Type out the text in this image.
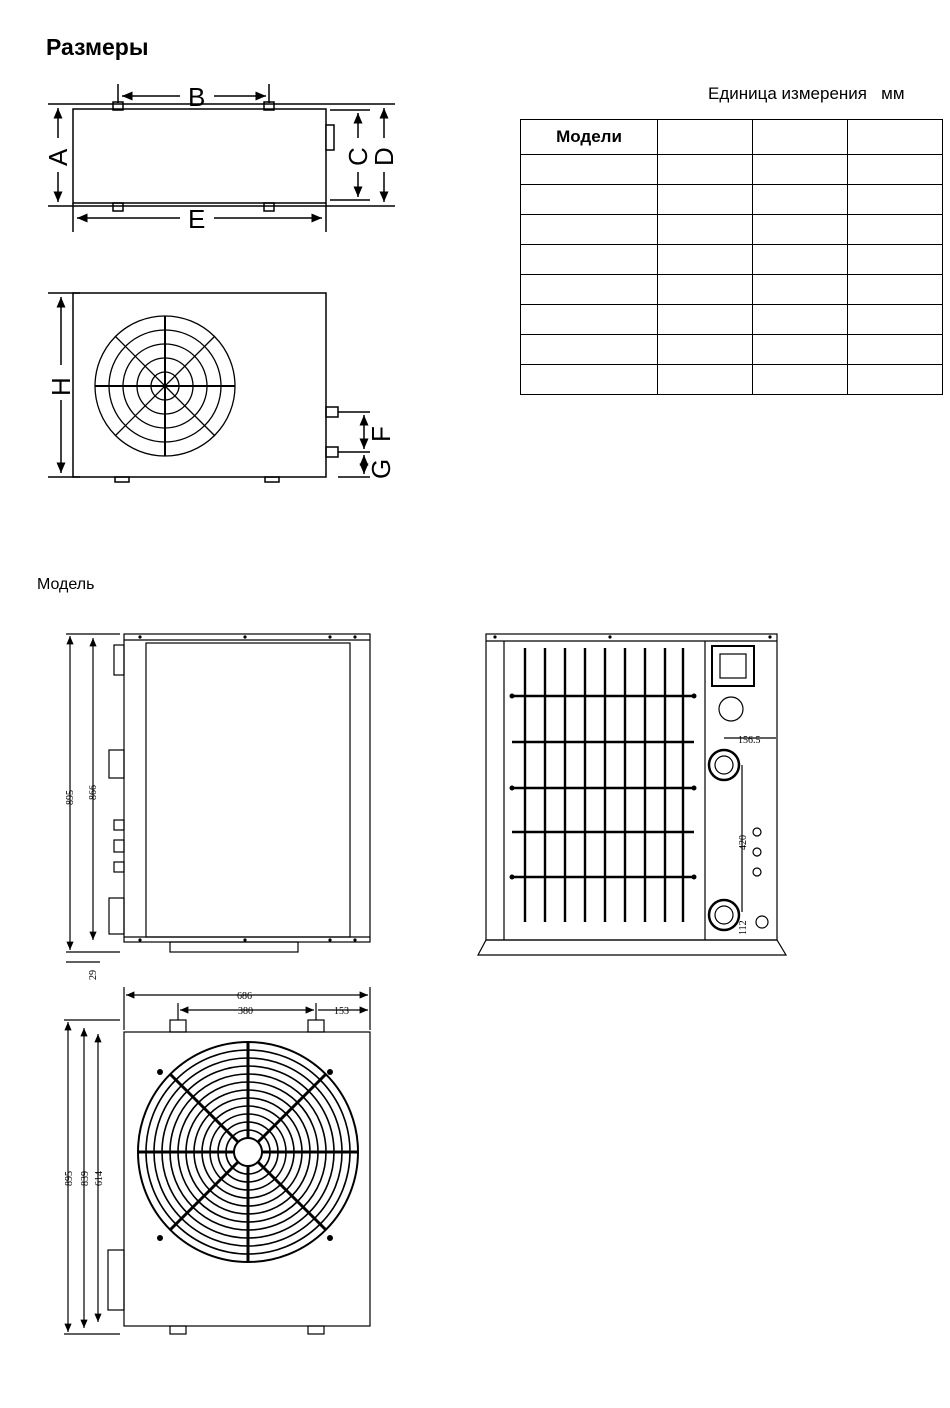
Размеры
Единица измерения мм
Модели			

Модель
B
A	C
D
E
H
F
G
895 866
29
156.5
420
112
686
380	153
895 839 614
